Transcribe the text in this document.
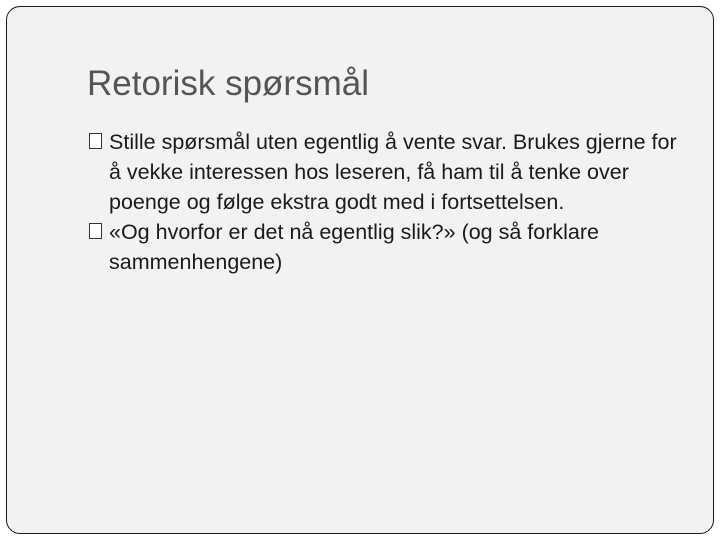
Retorisk spørsmål
Stille spørsmål uten egentlig å vente svar. Brukes gjerne for å vekke interessen hos leseren, få ham til å tenke over poenge og følge ekstra godt med i fortsettelsen.
«Og hvorfor er det nå egentlig slik?» (og så forklare sammenhengene)
